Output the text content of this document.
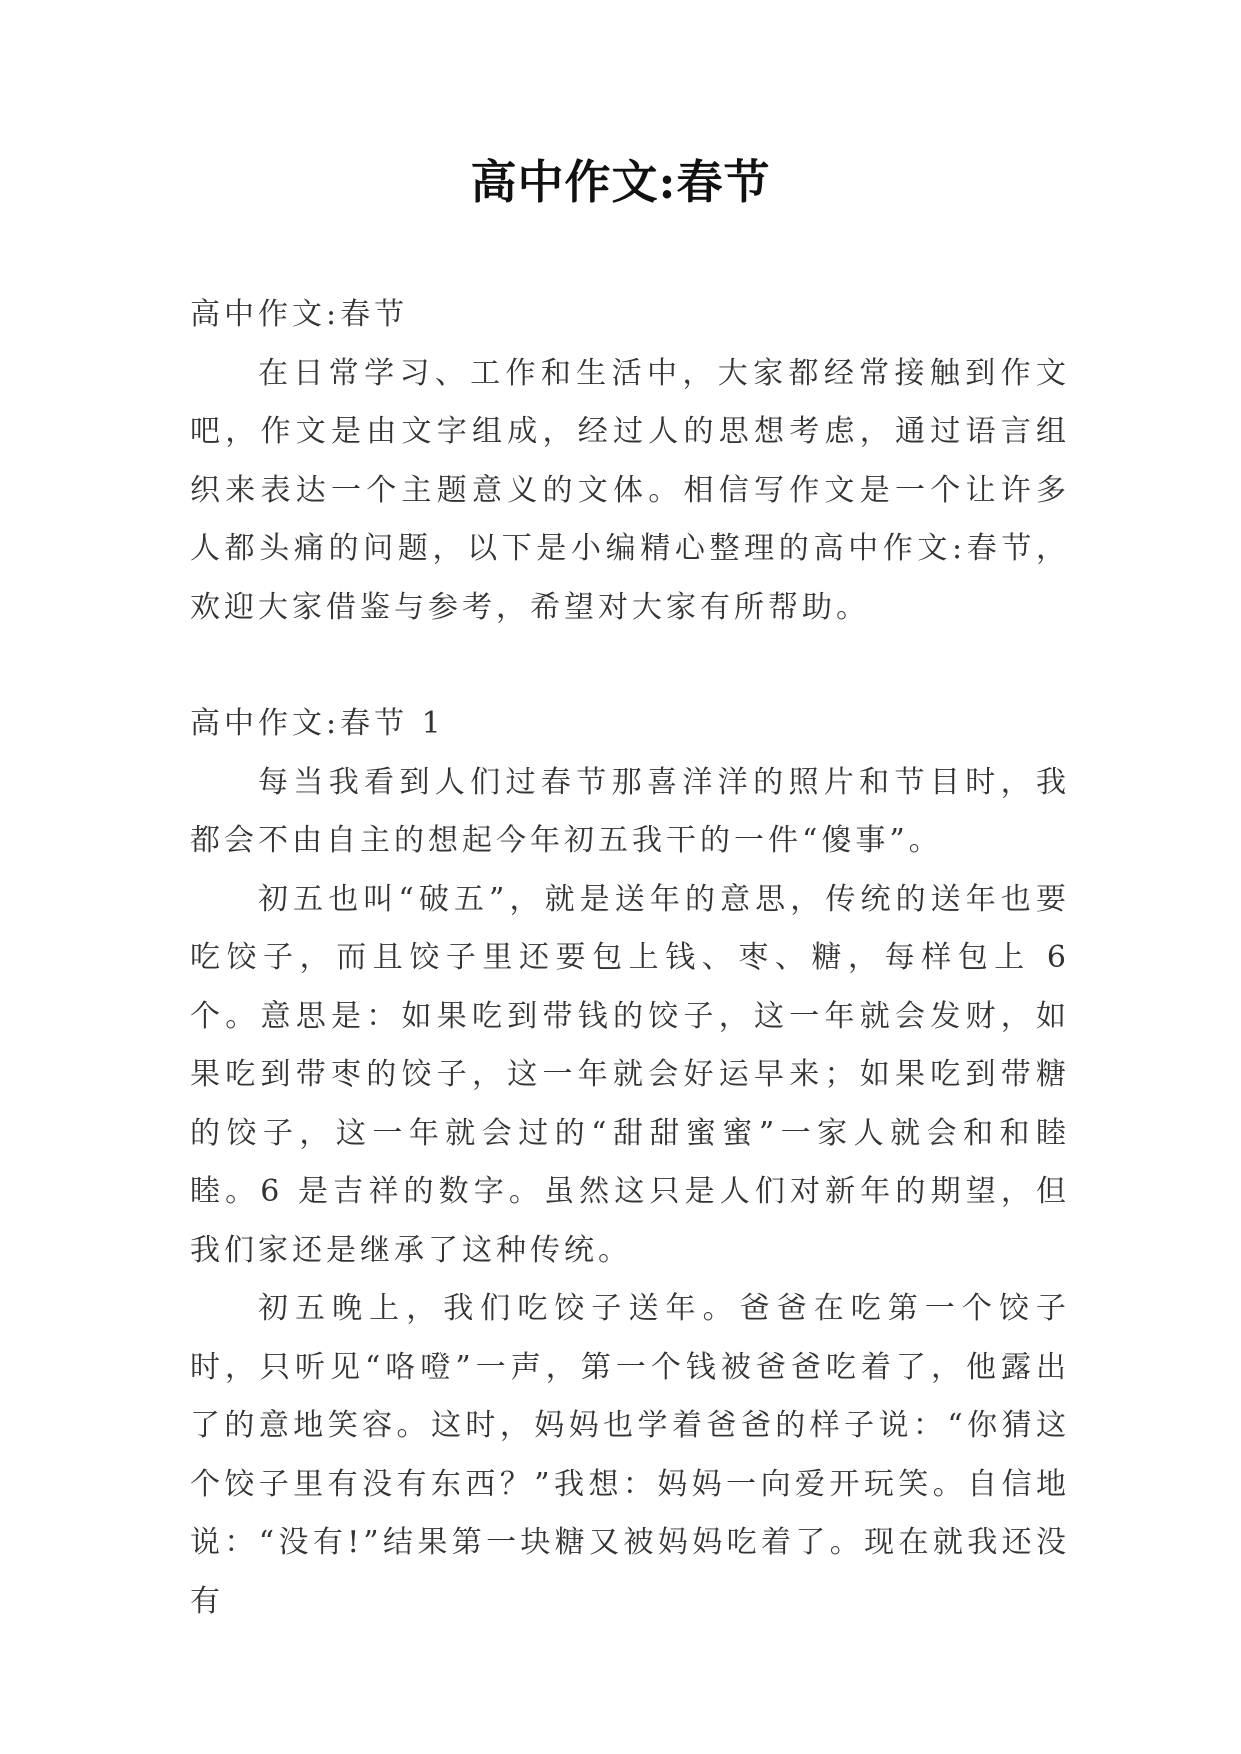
高中作文:春节

高中作文:春节

在日常学习、工作和生活中，大家都经常接触到作文吧，作文是由文字组成，经过人的思想考虑，通过语言组织来表达一个主题意义的文体。相信写作文是一个让许多人都头痛的问题，以下是小编精心整理的高中作文:春节，欢迎大家借鉴与参考，希望对大家有所帮助。

高中作文:春节 1

每当我看到人们过春节那喜洋洋的照片和节目时，我都会不由自主的想起今年初五我干的一件“傻事”。

初五也叫“破五”，就是送年的意思，传统的送年也要吃饺子，而且饺子里还要包上钱、枣、糖，每样包上 6 个。意思是：如果吃到带钱的饺子，这一年就会发财，如果吃到带枣的饺子，这一年就会好运早来；如果吃到带糖的饺子，这一年就会过的“甜甜蜜蜜”一家人就会和和睦睦。6 是吉祥的数字。虽然这只是人们对新年的期望，但我们家还是继承了这种传统。

初五晚上，我们吃饺子送年。爸爸在吃第一个饺子时，只听见“咯噔”一声，第一个钱被爸爸吃着了，他露出了的意地笑容。这时，妈妈也学着爸爸的样子说：“你猜这个饺子里有没有东西？”我想：妈妈一向爱开玩笑。自信地说：“没有!”结果第一块糖又被妈妈吃着了。现在就我还没有
